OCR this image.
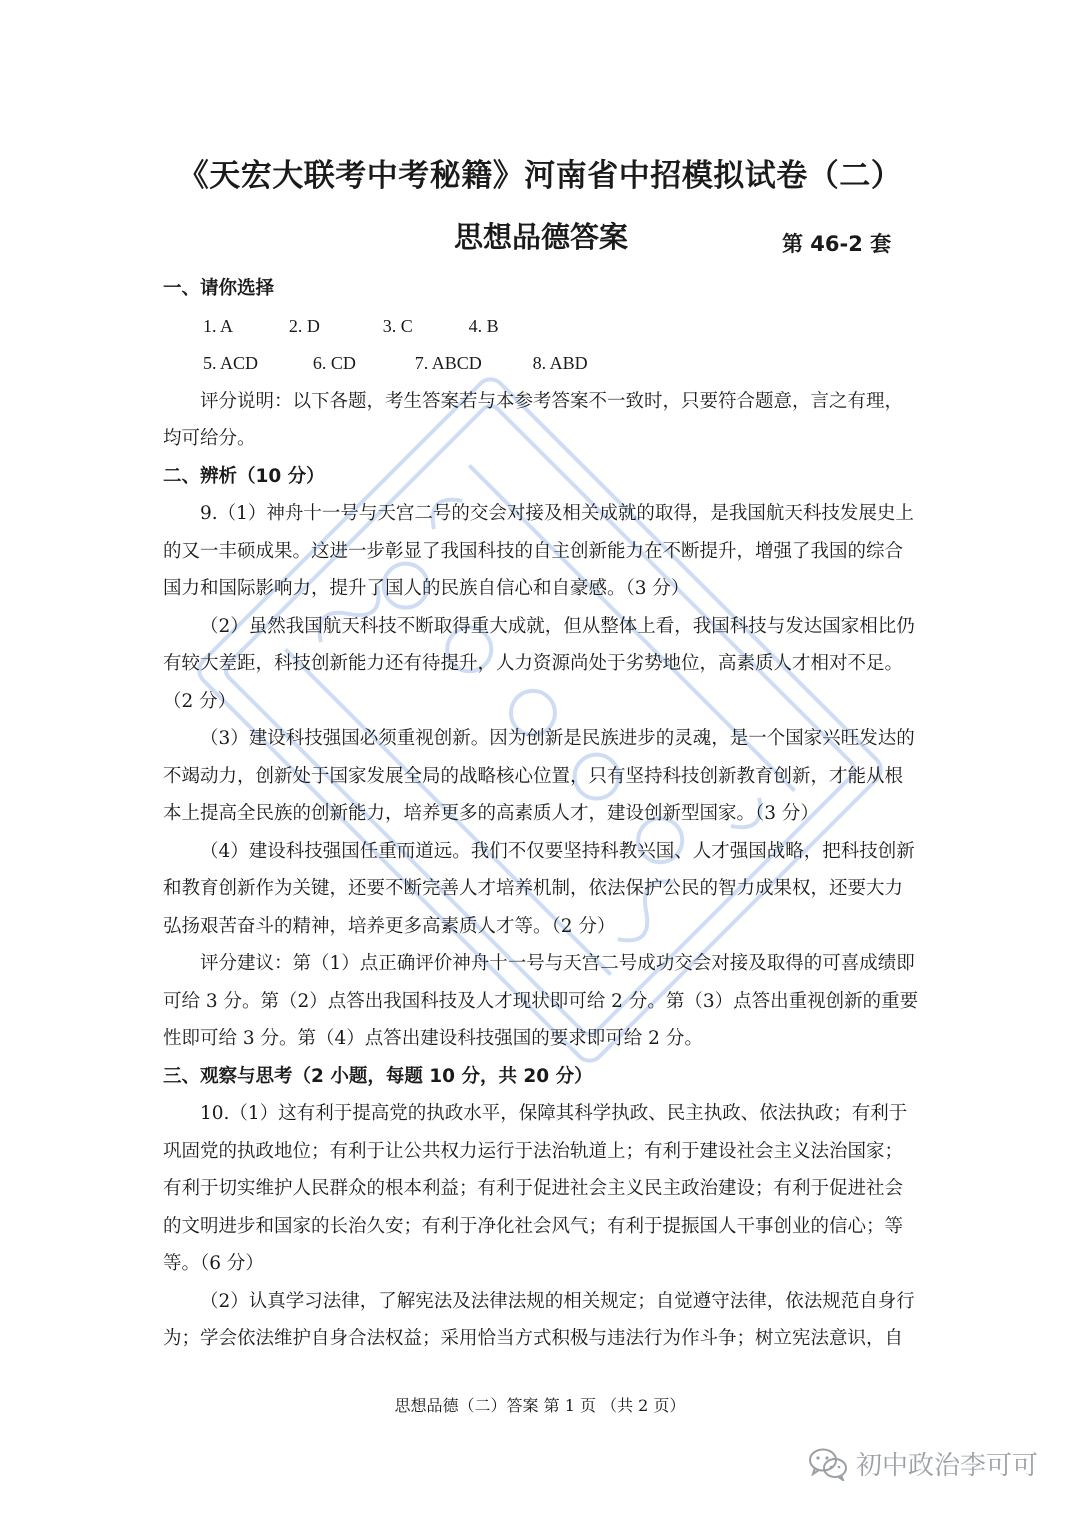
《天宏大联考中考秘籍》河南省中招模拟试卷（二）
思想品德答案	第 46-2 套
一、请你选择
1. A	2. D	3. C	4. B
5. ACD	6. CD	7. ABCD	8. ABD
评分说明：以下各题，考生答案若与本参考答案不一致时，只要符合题意，言之有理，
均可给分。
二、辨析（10 分）
9.（1）神舟十一号与天宫二号的交会对接及相关成就的取得，是我国航天科技发展史上
的又一丰硕成果。这进一步彰显了我国科技的自主创新能力在不断提升，增强了我国的综合
国力和国际影响力，提升了国人的民族自信心和自豪感。（3 分）
（2）虽然我国航天科技不断取得重大成就，但从整体上看，我国科技与发达国家相比仍
有较大差距，科技创新能力还有待提升，人力资源尚处于劣势地位，高素质人才相对不足。
（2 分）
（3）建设科技强国必须重视创新。因为创新是民族进步的灵魂，是一个国家兴旺发达的
不竭动力，创新处于国家发展全局的战略核心位置，只有坚持科技创新教育创新，才能从根
本上提高全民族的创新能力，培养更多的高素质人才，建设创新型国家。（3 分）
（4）建设科技强国任重而道远。我们不仅要坚持科教兴国、人才强国战略，把科技创新
和教育创新作为关键，还要不断完善人才培养机制，依法保护公民的智力成果权，还要大力
弘扬艰苦奋斗的精神，培养更多高素质人才等。（2 分）
评分建议：第（1）点正确评价神舟十一号与天宫二号成功交会对接及取得的可喜成绩即
可给 3 分。第（2）点答出我国科技及人才现状即可给 2 分。第（3）点答出重视创新的重要
性即可给 3 分。第（4）点答出建设科技强国的要求即可给 2 分。
三、观察与思考（2 小题，每题 10 分，共 20 分）
10.（1）这有利于提高党的执政水平，保障其科学执政、民主执政、依法执政；有利于
巩固党的执政地位；有利于让公共权力运行于法治轨道上；有利于建设社会主义法治国家；
有利于切实维护人民群众的根本利益；有利于促进社会主义民主政治建设；有利于促进社会
的文明进步和国家的长治久安；有利于净化社会风气；有利于提振国人干事创业的信心；等
等。（6 分）
（2）认真学习法律，了解宪法及法律法规的相关规定；自觉遵守法律，依法规范自身行
为；学会依法维护自身合法权益；采用恰当方式积极与违法行为作斗争；树立宪法意识，自
思想品德（二）答案 第 1 页 （共 2 页）
初中政治李可可
